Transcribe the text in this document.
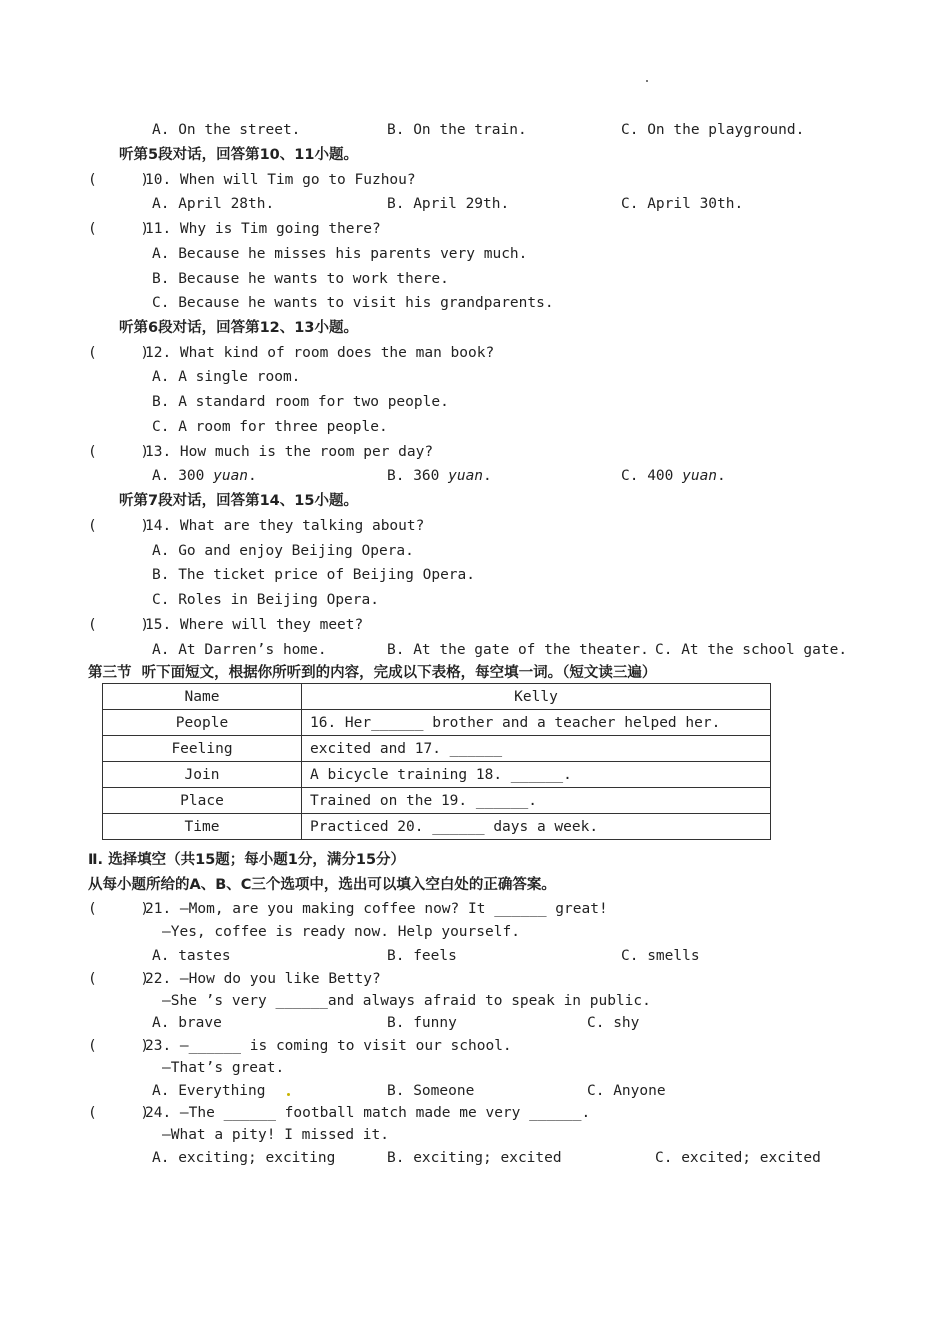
A. On the street.	B. On the train.	C. On the playground.
听第5段对话，回答第10、11小题。
(     )
10. When will Tim go to Fuzhou?
A. April 28th.	B. April 29th.	C. April 30th.
(     )
11. Why is Tim going there?
A. Because he misses his parents very much.
B. Because he wants to work there.
C. Because he wants to visit his grandparents.
听第6段对话，回答第12、13小题。
(     )
12. What kind of room does the man book?
A. A single room.
B. A standard room for two people.
C. A room for three people.
(     )
13. How much is the room per day?
A. 300 yuan.	B. 360 yuan.	C. 400 yuan.
听第7段对话，回答第14、15小题。
(     )
14. What are they talking about?
A. Go and enjoy Beijing Opera.
B. The ticket price of Beijing Opera.
C. Roles in Beijing Opera.
(     )
15. Where will they meet?
A. At Darren’s home.	B. At the gate of the theater. C. At the school gate.
第三节  听下面短文，根据你所听到的内容，完成以下表格，每空填一词。（短文读三遍）
Name	Kelly
People	16. Her______ brother and a teacher helped her.
Feeling	excited and 17. ______
Join	A bicycle training 18. ______.
Place	Trained on the 19. ______.
Time	Practiced 20. ______ days a week.
Ⅱ. 选择填空（共15题；每小题1分，满分15分）
从每小题所给的A、B、C三个选项中，选出可以填入空白处的正确答案。
(     )
21. —Mom, are you making coffee now? It ______ great!
—Yes, coffee is ready now. Help yourself.
A. tastes	B. feels	C. smells
(     )
22. —How do you like Betty?
—She ’s very ______and always afraid to speak in public.
A. brave	B. funny	C. shy
(     )
23. —______ is coming to visit our school.
—That’s great.
A. Everything	B. Someone	C. Anyone
(     )
24. —The ______ football match made me very ______.
—What a pity! I missed it.
A. exciting; exciting	B. exciting; excited	C. excited; excited
